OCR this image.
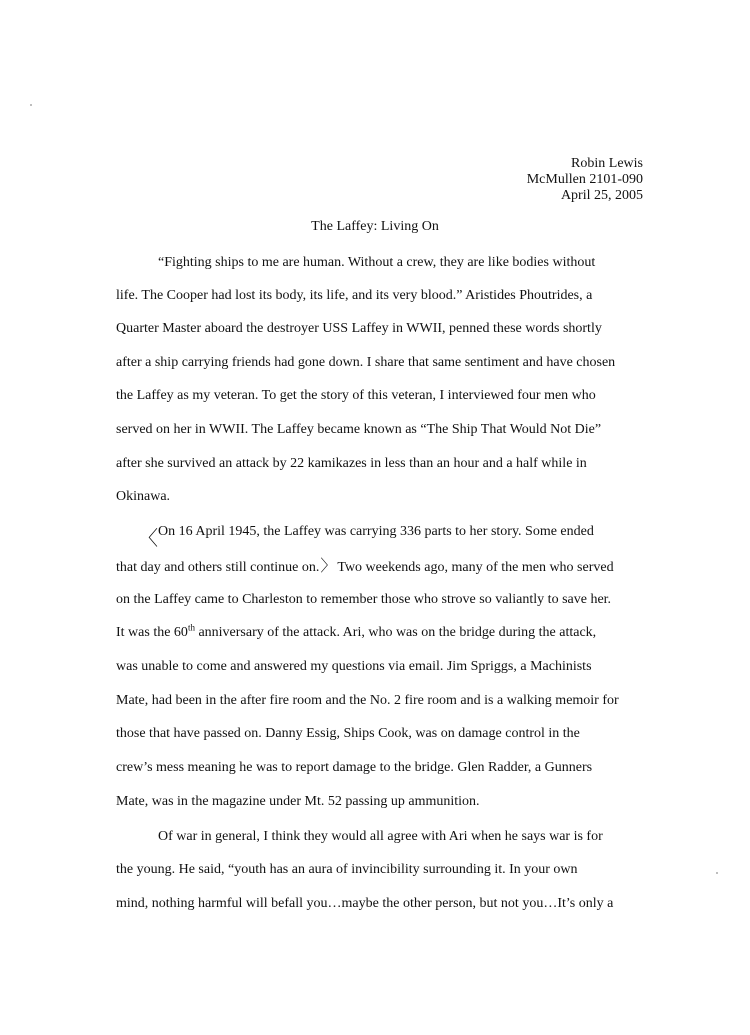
Robin Lewis
McMullen 2101-090
April 25, 2005
The Laffey: Living On
“Fighting ships to me are human. Without a crew, they are like bodies without
life. The Cooper had lost its body, its life, and its very blood.” Aristides Phoutrides, a
Quarter Master aboard the destroyer USS Laffey in WWII, penned these words shortly
after a ship carrying friends had gone down. I share that same sentiment and have chosen
the Laffey as my veteran. To get the story of this veteran, I interviewed four men who
served on her in WWII. The Laffey became known as “The Ship That Would Not Die”
after she survived an attack by 22 kamikazes in less than an hour and a half while in
Okinawa.
〈 On 16 April 1945, the Laffey was carrying 336 parts to her story. Some ended
that day and others still continue on.〉Two weekends ago, many of the men who served
on the Laffey came to Charleston to remember those who strove so valiantly to save her.
It was the 60th anniversary of the attack. Ari, who was on the bridge during the attack,
was unable to come and answered my questions via email. Jim Spriggs, a Machinists
Mate, had been in the after fire room and the No. 2 fire room and is a walking memoir for
those that have passed on. Danny Essig, Ships Cook, was on damage control in the
crew’s mess meaning he was to report damage to the bridge. Glen Radder, a Gunners
Mate, was in the magazine under Mt. 52 passing up ammunition.
Of war in general, I think they would all agree with Ari when he says war is for
the young. He said, “youth has an aura of invincibility surrounding it. In your own
mind, nothing harmful will befall you…maybe the other person, but not you…It’s only a
